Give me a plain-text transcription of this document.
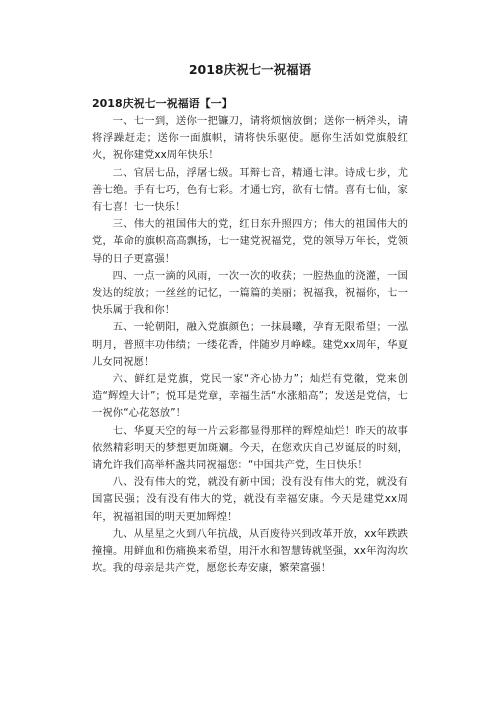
2018庆祝七一祝福语
2018庆祝七一祝福语【一】

一、七一到，送你一把镰刀，请将烦恼放倒；送你一柄斧头，请将浮躁赶走；送你一面旗帜，请将快乐驱使。愿你生活如党旗般红火，祝你建党xx周年快乐！

二、官居七品，浮屠七级。耳辩七音，精通七津。诗成七步，尤善七绝。手有七巧，色有七彩。才通七窍，欲有七情。喜有七仙，家有七喜！七一快乐！

三、伟大的祖国伟大的党，红日东升照四方；伟大的祖国伟大的党，革命的旗帜高高飘扬，七一建党祝福党，党的领导万年长，党领导的日子更富强！

四、一点一滴的风雨，一次一次的收获；一腔热血的浇灌，一国发达的绽放；一丝丝的记忆，一篇篇的美丽；祝福我，祝福你，七一快乐属于我和你！

五、一轮朝阳，融入党旗颜色；一抹晨曦，孕育无限希望；一泓明月，普照丰功伟绩；一缕花香，伴随岁月峥嵘。建党xx周年，华夏儿女同祝愿！

六、鲜红是党旗，党民一家“齐心协力”；灿烂有党徽，党来创造“辉煌大计”；悦耳是党章，幸福生活“水涨船高”；发送是党信，七一祝你“心花怒放”！

七、华夏天空的每一片云彩都显得那样的辉煌灿烂！昨天的故事依然精彩明天的梦想更加斑斓。今天，在您欢庆自己岁诞辰的时刻，请允许我们高举杯盏共同祝福您：“中国共产党，生日快乐！

八、没有伟大的党，就没有新中国；没有没有伟大的党，就没有国富民强；没有没有伟大的党，就没有幸福安康。今天是建党xx周年，祝福祖国的明天更加辉煌！

九、从星星之火到八年抗战，从百废待兴到改革开放，xx年跌跌撞撞。用鲜血和伤痛换来希望，用汗水和智慧铸就坚强，xx年沟沟坎坎。我的母亲是共产党，愿您长寿安康，繁荣富强！
